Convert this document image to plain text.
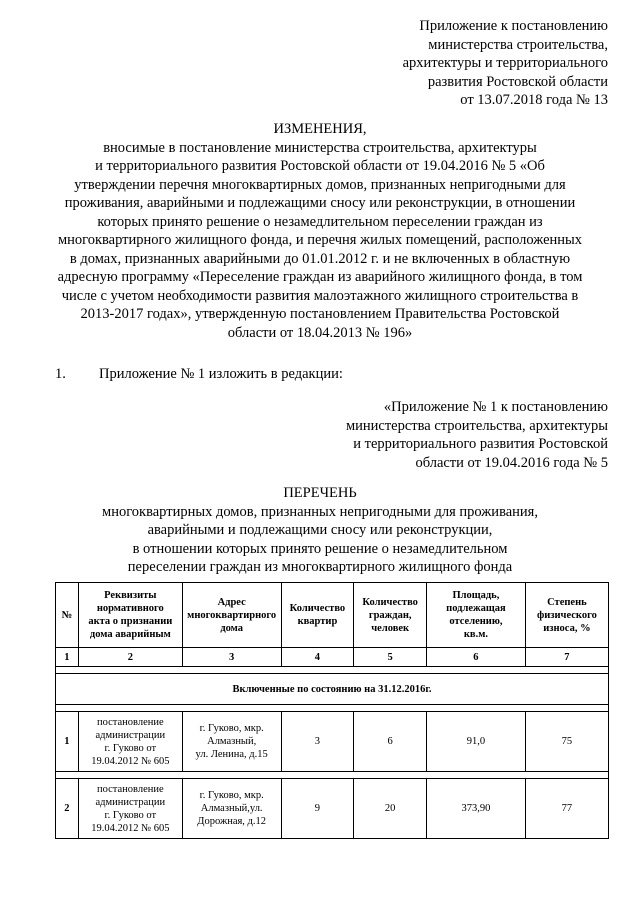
Приложение к постановлению
министерства строительства,
архитектуры и территориального
развития Ростовской области
от 13.07.2018 года № 13
ИЗМЕНЕНИЯ,
вносимые в постановление министерства строительства, архитектуры
и территориального развития Ростовской области от 19.04.2016 № 5 «Об
утверждении перечня многоквартирных домов, признанных непригодными для
проживания, аварийными и подлежащими сносу или реконструкции, в отношении
которых принято решение о незамедлительном переселении граждан из
многоквартирного жилищного фонда, и перечня жилых помещений, расположенных
в домах, признанных аварийными до 01.01.2012 г. и не включенных в областную
адресную программу «Переселение граждан из аварийного жилищного фонда, в том
числе с учетом необходимости развития малоэтажного жилищного строительства в
2013-2017 годах», утвержденную постановлением Правительства Ростовской
области от 18.04.2013 № 196»
1. Приложение № 1 изложить в редакции:
«Приложение № 1 к постановлению
министерства строительства, архитектуры
и территориального развития Ростовской
области от 19.04.2016 года № 5
ПЕРЕЧЕНЬ
многоквартирных домов, признанных непригодными для проживания,
аварийными и подлежащими сносу или реконструкции,
в отношении которых принято решение о незамедлительном
переселении граждан из многоквартирного жилищного фонда
№	Реквизиты
нормативного
акта о признании
дома аварийным	Адрес
многоквартирного
дома	Количество
квартир	Количество
граждан,
человек	Площадь,
подлежащая
отселению,
кв.м.	Степень
физического
износа, %

1	2	3	4	5	6	7

Включенные по состоянию на 31.12.2016г.						

1	постановление
администрации
г. Гуково от
19.04.2012 № 605	г. Гуково, мкр.
Алмазный,
ул. Ленина, д.15	3	6	91,0	75

2	постановление
администрации
г. Гуково от
19.04.2012 № 605	г. Гуково, мкр.
Алмазный,ул.
Дорожная, д.12	9	20	373,90	77
